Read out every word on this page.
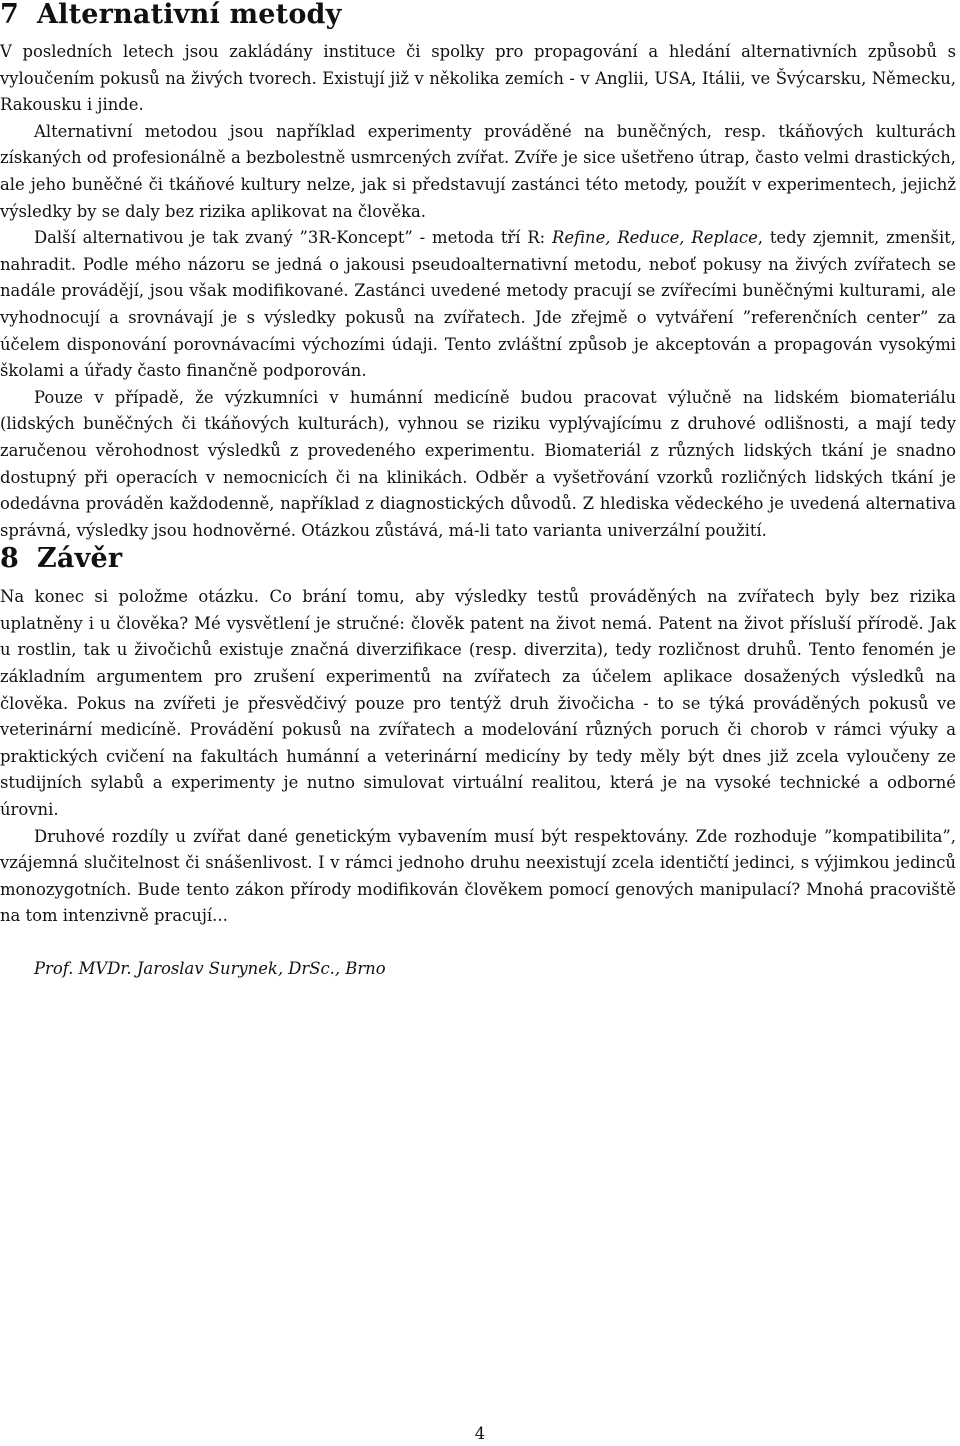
7 Alternativní metody

V posledních letech jsou zakládány instituce či spolky pro propagování a hledání alternativních způsobů s vyloučením pokusů na živých tvorech. Existují již v několika zemích - v Anglii, USA, Itálii, ve Švýcarsku, Německu, Rakousku i jinde.

Alternativní metodou jsou například experimenty prováděné na buněčných, resp. tkáňových kulturách získaných od profesionálně a bezbolestně usmrcených zvířat. Zvíře je sice ušetřeno útrap, často velmi drastických, ale jeho buněčné či tkáňové kultury nelze, jak si představují zastánci této metody, použít v experimentech, jejichž výsledky by se daly bez rizika aplikovat na člověka.

Další alternativou je tak zvaný ”3R-Koncept” - metoda tří R: Refine, Reduce, Replace, tedy zjemnit, zmenšit, nahradit. Podle mého názoru se jedná o jakousi pseudoalternativní metodu, neboť pokusy na živých zvířatech se nadále provádějí, jsou však modifikované. Zastánci uvedené metody pracují se zvířecími buněčnými kulturami, ale vyhodnocují a srovnávají je s výsledky pokusů na zvířatech. Jde zřejmě o vytváření ”referenčních center” za účelem disponování porovnávacími výchozími údaji. Tento zvláštní způsob je akceptován a propagován vysokými školami a úřady často finančně podporován.

Pouze v případě, že výzkumníci v humánní medicíně budou pracovat výlučně na lidském biomateriálu (lidských buněčných či tkáňových kulturách), vyhnou se riziku vyplývajícímu z druhové odlišnosti, a mají tedy zaručenou věrohodnost výsledků z provedeného experimentu. Biomateriál z různých lidských tkání je snadno dostupný při operacích v nemocnicích či na klinikách. Odběr a vyšetřování vzorků rozličných lidských tkání je odedávna prováděn každodenně, například z diagnostických důvodů. Z hlediska vědeckého je uvedená alternativa správná, výsledky jsou hodnověrné. Otázkou zůstává, má-li tato varianta univerzální použití.

8 Závěr

Na konec si položme otázku. Co brání tomu, aby výsledky testů prováděných na zvířatech byly bez rizika uplatněny i u člověka? Mé vysvětlení je stručné: člověk patent na život nemá. Patent na život přísluší přírodě. Jak u rostlin, tak u živočichů existuje značná diverzifikace (resp. diverzita), tedy rozličnost druhů. Tento fenomén je základním argumentem pro zrušení experimentů na zvířatech za účelem aplikace dosažených výsledků na člověka. Pokus na zvířeti je přesvědčivý pouze pro tentýž druh živočicha - to se týká prováděných pokusů ve veterinární medicíně. Provádění pokusů na zvířatech a modelování různých poruch či chorob v rámci výuky a praktických cvičení na fakultách humánní a veterinární medicíny by tedy měly být dnes již zcela vyloučeny ze studijních sylabů a experimenty je nutno simulovat virtuální realitou, která je na vysoké technické a odborné úrovni.

Druhové rozdíly u zvířat dané genetickým vybavením musí být respektovány. Zde rozhoduje ”kompatibilita”, vzájemná slučitelnost či snášenlivost. I v rámci jednoho druhu neexistují zcela identičtí jedinci, s výjimkou jedinců monozygotních. Bude tento zákon přírody modifikován člověkem pomocí genových manipulací? Mnohá pracoviště na tom intenzivně pracují...

Prof. MVDr. Jaroslav Surynek, DrSc., Brno

4
